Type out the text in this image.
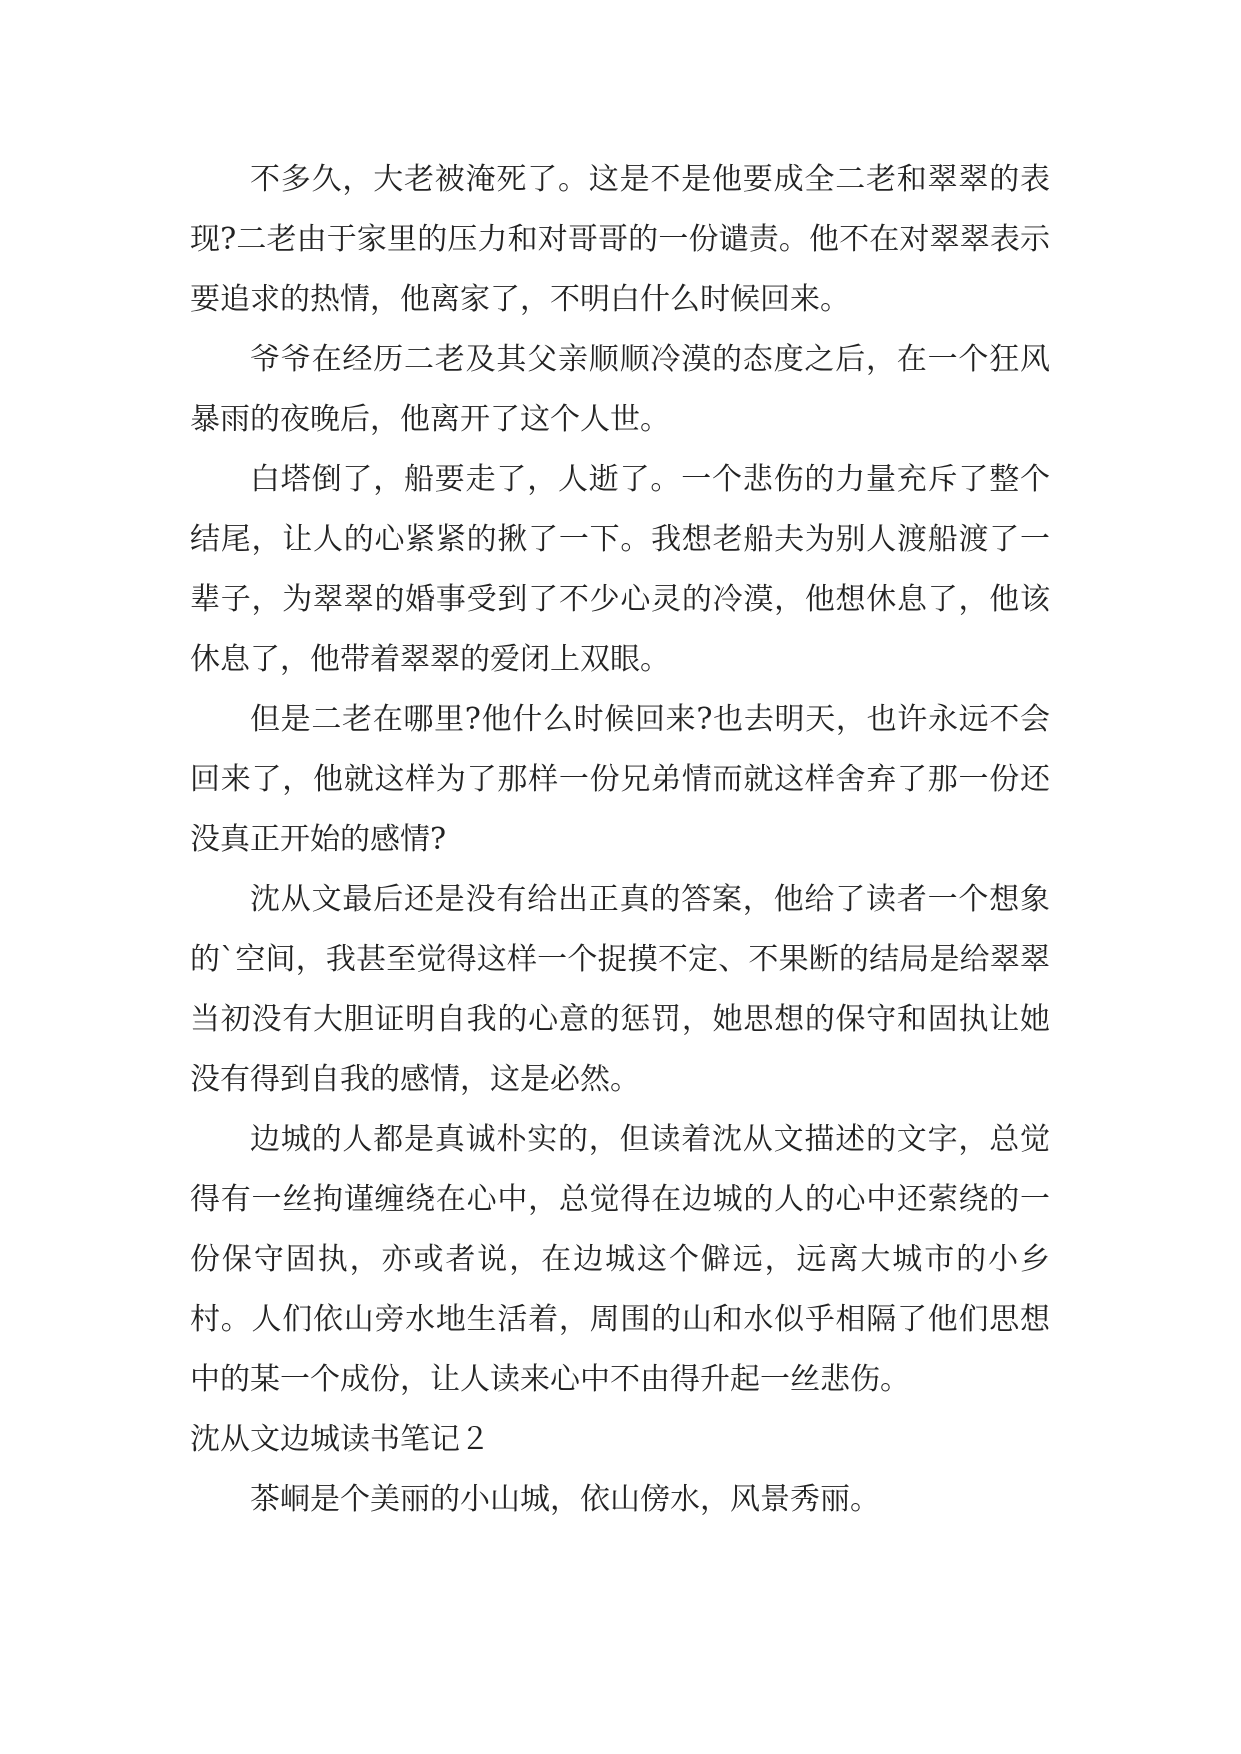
不多久，大老被淹死了。这是不是他要成全二老和翠翠的表现?二老由于家里的压力和对哥哥的一份谴责。他不在对翠翠表示要追求的热情，他离家了，不明白什么时候回来。

爷爷在经历二老及其父亲顺顺冷漠的态度之后，在一个狂风暴雨的夜晚后，他离开了这个人世。

白塔倒了，船要走了，人逝了。一个悲伤的力量充斥了整个结尾，让人的心紧紧的揪了一下。我想老船夫为别人渡船渡了一辈子，为翠翠的婚事受到了不少心灵的冷漠，他想休息了，他该休息了，他带着翠翠的爱闭上双眼。

但是二老在哪里?他什么时候回来?也去明天，也许永远不会回来了，他就这样为了那样一份兄弟情而就这样舍弃了那一份还没真正开始的感情?

沈从文最后还是没有给出正真的答案，他给了读者一个想象的`空间，我甚至觉得这样一个捉摸不定、不果断的结局是给翠翠当初没有大胆证明自我的心意的惩罚，她思想的保守和固执让她没有得到自我的感情，这是必然。

边城的人都是真诚朴实的，但读着沈从文描述的文字，总觉得有一丝拘谨缠绕在心中，总觉得在边城的人的心中还萦绕的一份保守固执，亦或者说，在边城这个僻远，远离大城市的小乡村。人们依山旁水地生活着，周围的山和水似乎相隔了他们思想中的某一个成份，让人读来心中不由得升起一丝悲伤。

沈从文边城读书笔记２

茶峒是个美丽的小山城，依山傍水，风景秀丽。
